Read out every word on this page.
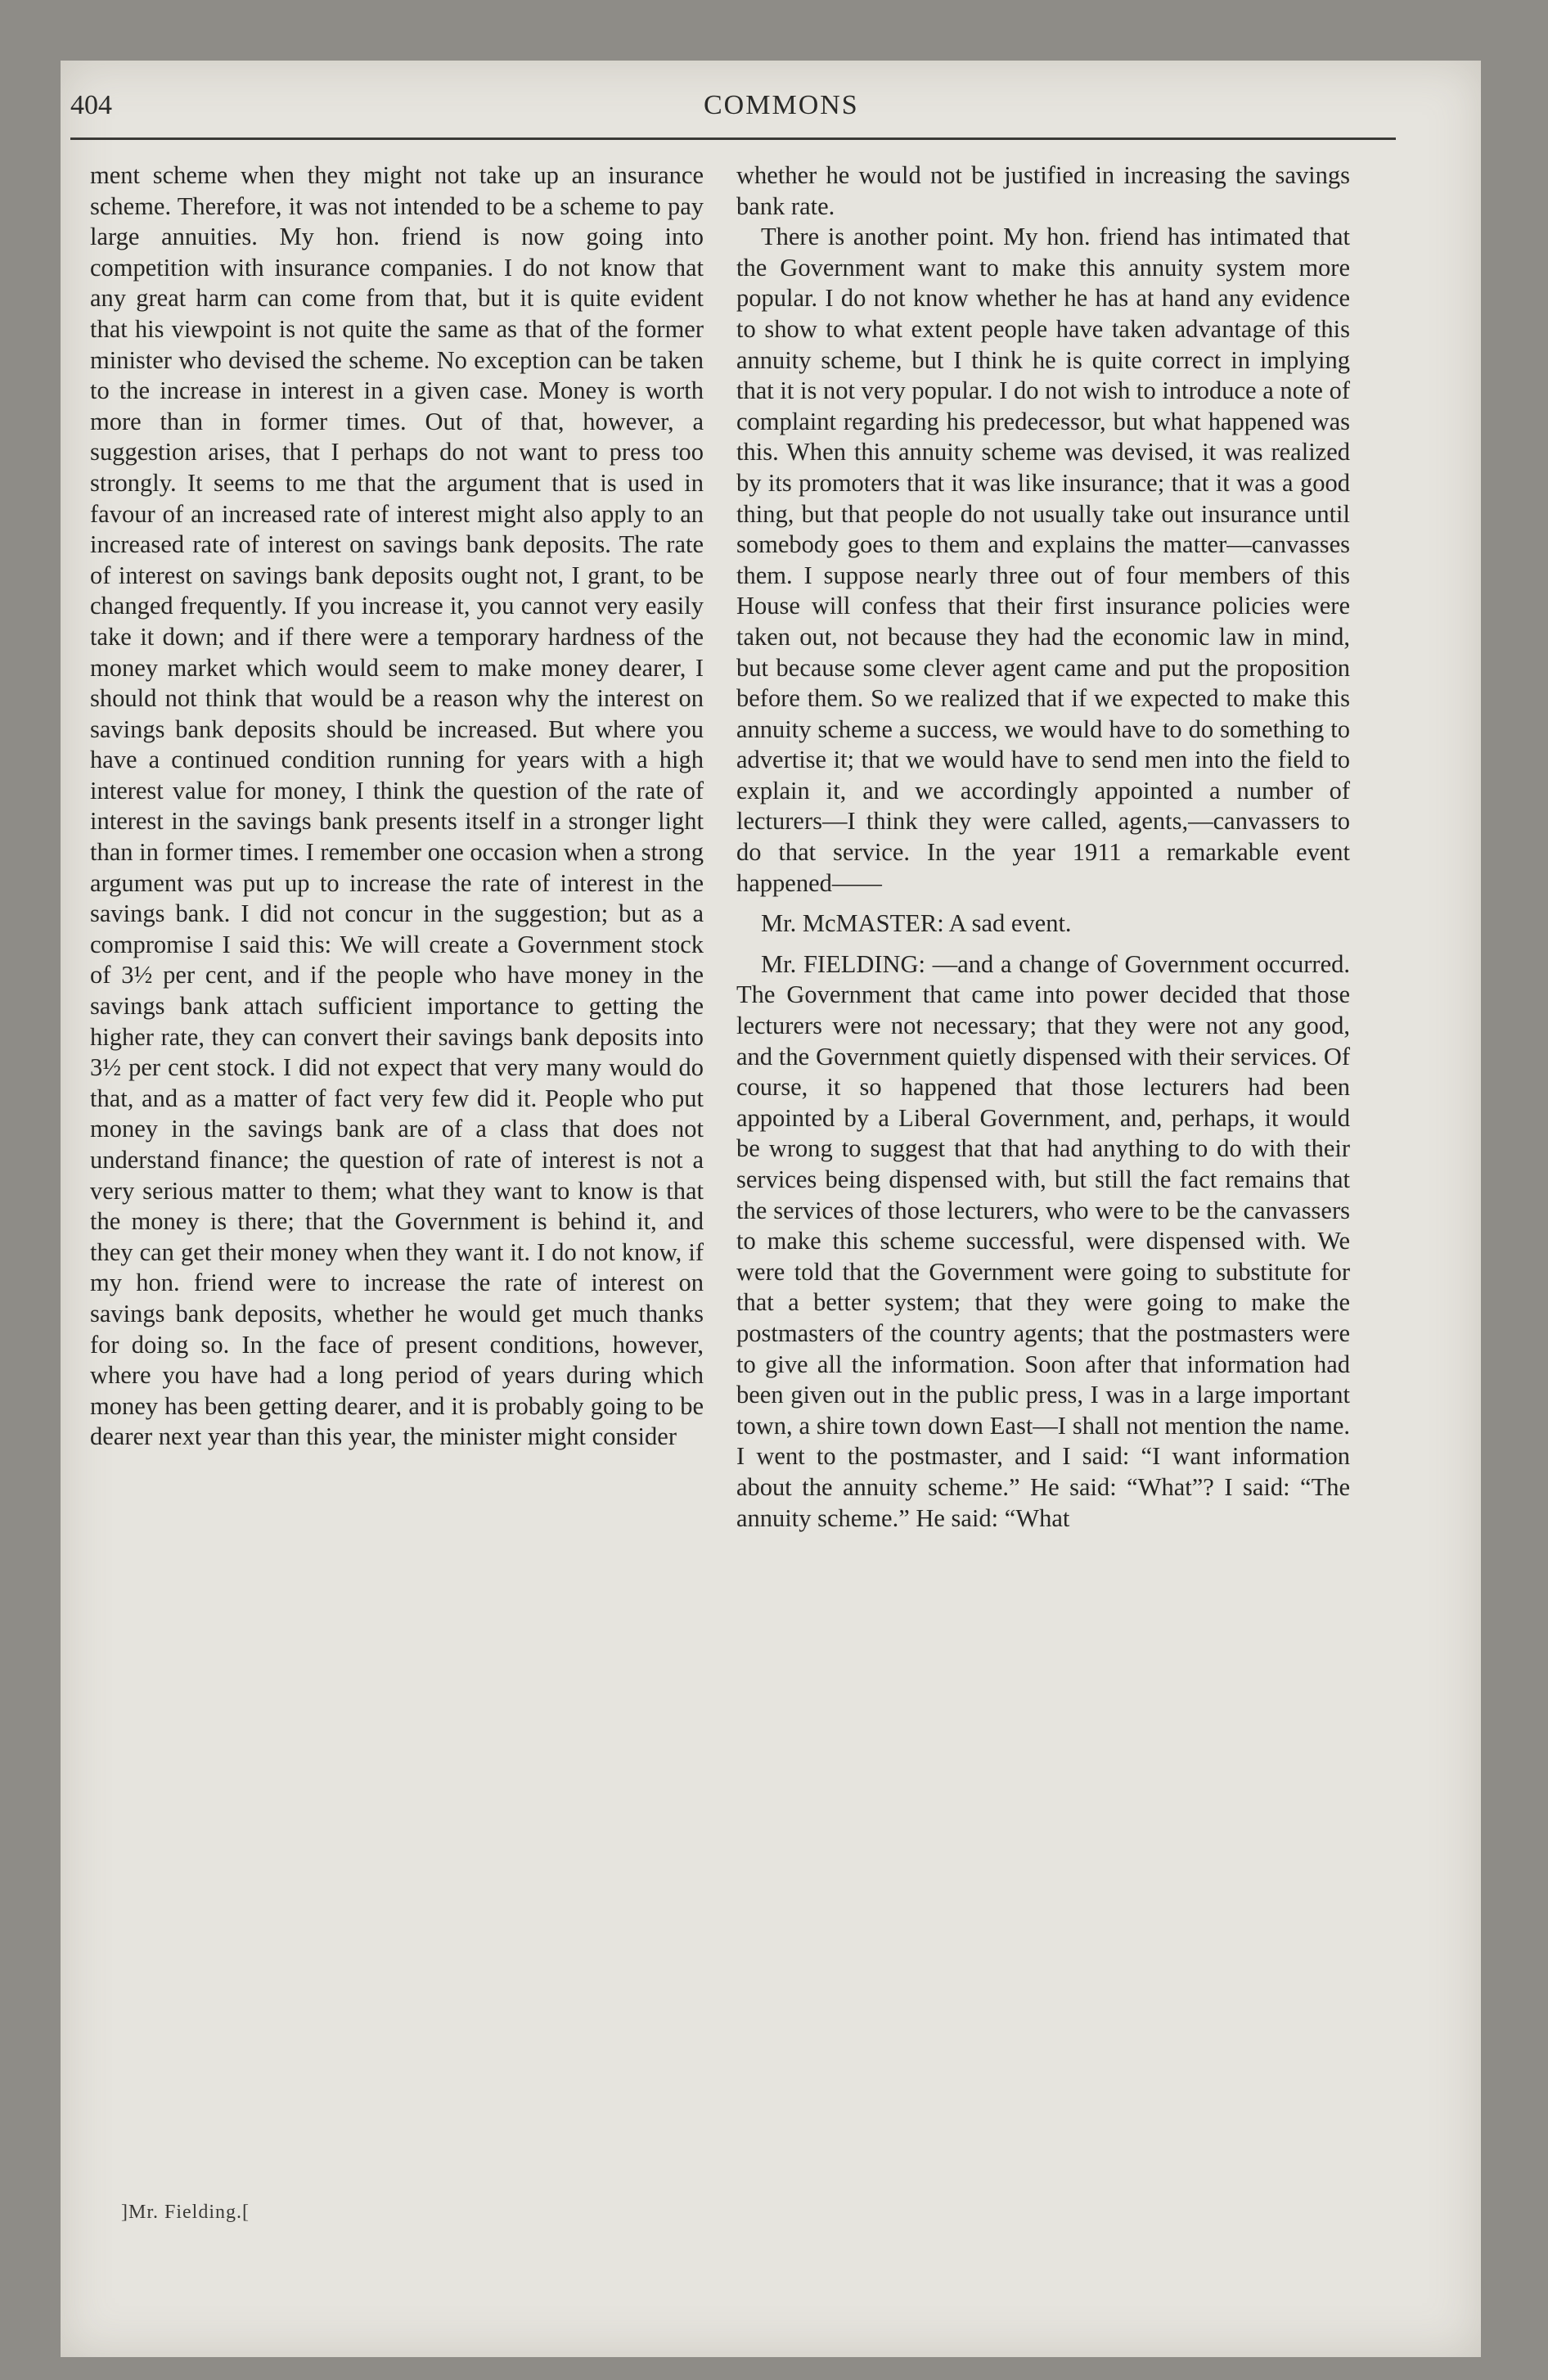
404	COMMONS

ment scheme when they might not take up an insurance scheme. Therefore, it was not intended to be a scheme to pay large annuities. My hon. friend is now going into competition with insurance companies. I do not know that any great harm can come from that, but it is quite evident that his viewpoint is not quite the same as that of the former minister who devised the scheme. No exception can be taken to the increase in interest in a given case. Money is worth more than in former times. Out of that, however, a suggestion arises, that I perhaps do not want to press too strongly. It seems to me that the argument that is used in favour of an increased rate of interest might also apply to an increased rate of interest on savings bank deposits. The rate of interest on savings bank deposits ought not, I grant, to be changed frequently. If you increase it, you cannot very easily take it down; and if there were a temporary hardness of the money market which would seem to make money dearer, I should not think that would be a reason why the interest on savings bank deposits should be increased. But where you have a continued condition running for years with a high interest value for money, I think the question of the rate of interest in the savings bank presents itself in a stronger light than in former times. I remember one occasion when a strong argument was put up to increase the rate of interest in the savings bank. I did not concur in the suggestion; but as a compromise I said this: We will create a Government stock of 3½ per cent, and if the people who have money in the savings bank attach sufficient importance to getting the higher rate, they can convert their savings bank deposits into 3½ per cent stock. I did not expect that very many would do that, and as a matter of fact very few did it. People who put money in the savings bank are of a class that does not understand finance; the question of rate of interest is not a very serious matter to them; what they want to know is that the money is there; that the Government is behind it, and they can get their money when they want it. I do not know, if my hon. friend were to increase the rate of interest on savings bank deposits, whether he would get much thanks for doing so. In the face of present conditions, however, where you have had a long period of years during which money has been getting dearer, and it is probably going to be dearer next year than this year, the minister might consider

whether he would not be justified in increasing the savings bank rate.

There is another point. My hon. friend has intimated that the Government want to make this annuity system more popular. I do not know whether he has at hand any evidence to show to what extent people have taken advantage of this annuity scheme, but I think he is quite correct in implying that it is not very popular. I do not wish to introduce a note of complaint regarding his predecessor, but what happened was this. When this annuity scheme was devised, it was realized by its promoters that it was like insurance; that it was a good thing, but that people do not usually take out insurance until somebody goes to them and explains the matter—canvasses them. I suppose nearly three out of four members of this House will confess that their first insurance policies were taken out, not because they had the economic law in mind, but because some clever agent came and put the proposition before them. So we realized that if we expected to make this annuity scheme a success, we would have to do something to advertise it; that we would have to send men into the field to explain it, and we accordingly appointed a number of lecturers—I think they were called, agents,—canvassers to do that service. In the year 1911 a remarkable event happened——

Mr. McMASTER: A sad event.

Mr. FIELDING: —and a change of Government occurred. The Government that came into power decided that those lecturers were not necessary; that they were not any good, and the Government quietly dispensed with their services. Of course, it so happened that those lecturers had been appointed by a Liberal Government, and, perhaps, it would be wrong to suggest that that had anything to do with their services being dispensed with, but still the fact remains that the services of those lecturers, who were to be the canvassers to make this scheme successful, were dispensed with. We were told that the Government were going to substitute for that a better system; that they were going to make the postmasters of the country agents; that the postmasters were to give all the information. Soon after that information had been given out in the public press, I was in a large important town, a shire town down East—I shall not mention the name. I went to the postmaster, and I said: “I want information about the annuity scheme.” He said: “What”? I said: “The annuity scheme.” He said: “What

]Mr. Fielding.[
